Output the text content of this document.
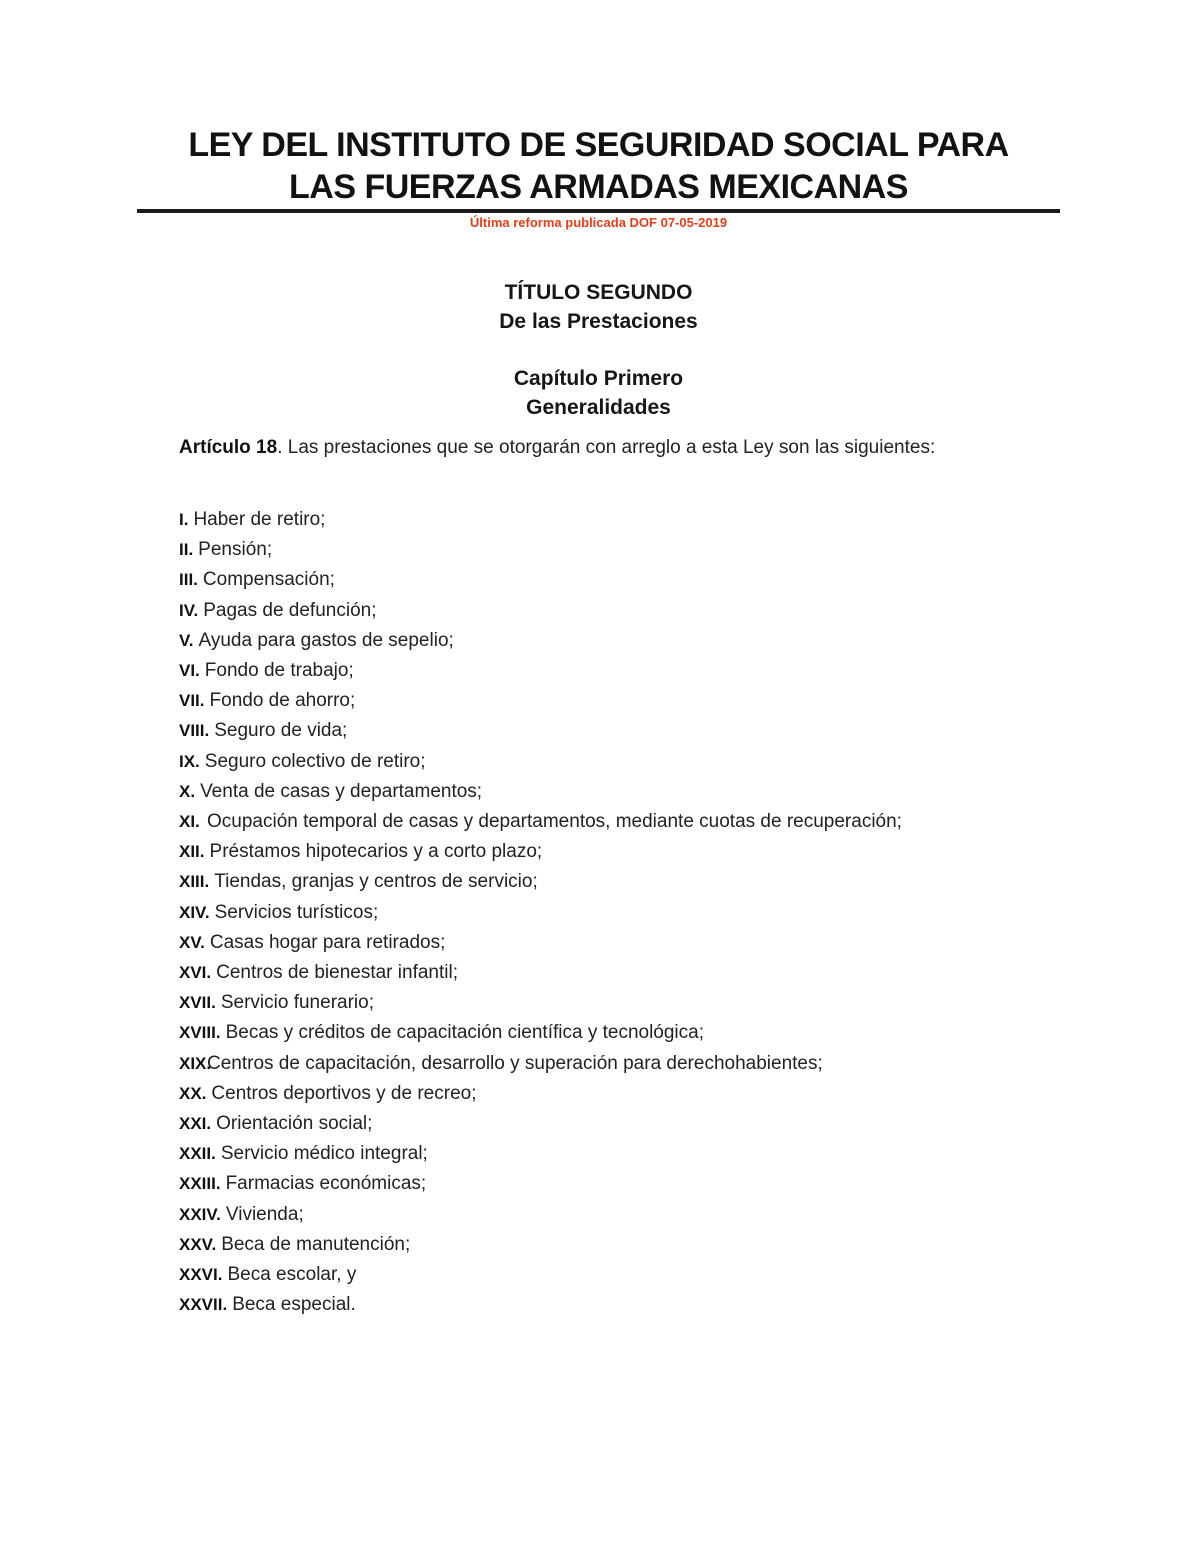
LEY DEL INSTITUTO DE SEGURIDAD SOCIAL PARA
LAS FUERZAS ARMADAS MEXICANAS
Última reforma publicada DOF 07-05-2019
TÍTULO SEGUNDO
De las Prestaciones
Capítulo Primero
Generalidades
Artículo 18. Las prestaciones que se otorgarán con arreglo a esta Ley son las siguientes:
I. Haber de retiro;
II. Pensión;
III. Compensación;
IV. Pagas de defunción;
V. Ayuda para gastos de sepelio;
VI. Fondo de trabajo;
VII. Fondo de ahorro;
VIII. Seguro de vida;
IX. Seguro colectivo de retiro;
X. Venta de casas y departamentos;
XI. Ocupación temporal de casas y departamentos, mediante cuotas de recuperación;
XII. Préstamos hipotecarios y a corto plazo;
XIII. Tiendas, granjas y centros de servicio;
XIV. Servicios turísticos;
XV. Casas hogar para retirados;
XVI. Centros de bienestar infantil;
XVII. Servicio funerario;
XVIII. Becas y créditos de capacitación científica y tecnológica;
XIX.
Centros de capacitación, desarrollo y superación para derechohabientes;
XX. Centros deportivos y de recreo;
XXI. Orientación social;
XXII. Servicio médico integral;
XXIII. Farmacias económicas;
XXIV. Vivienda;
XXV. Beca de manutención;
XXVI. Beca escolar, y
XXVII. Beca especial.
